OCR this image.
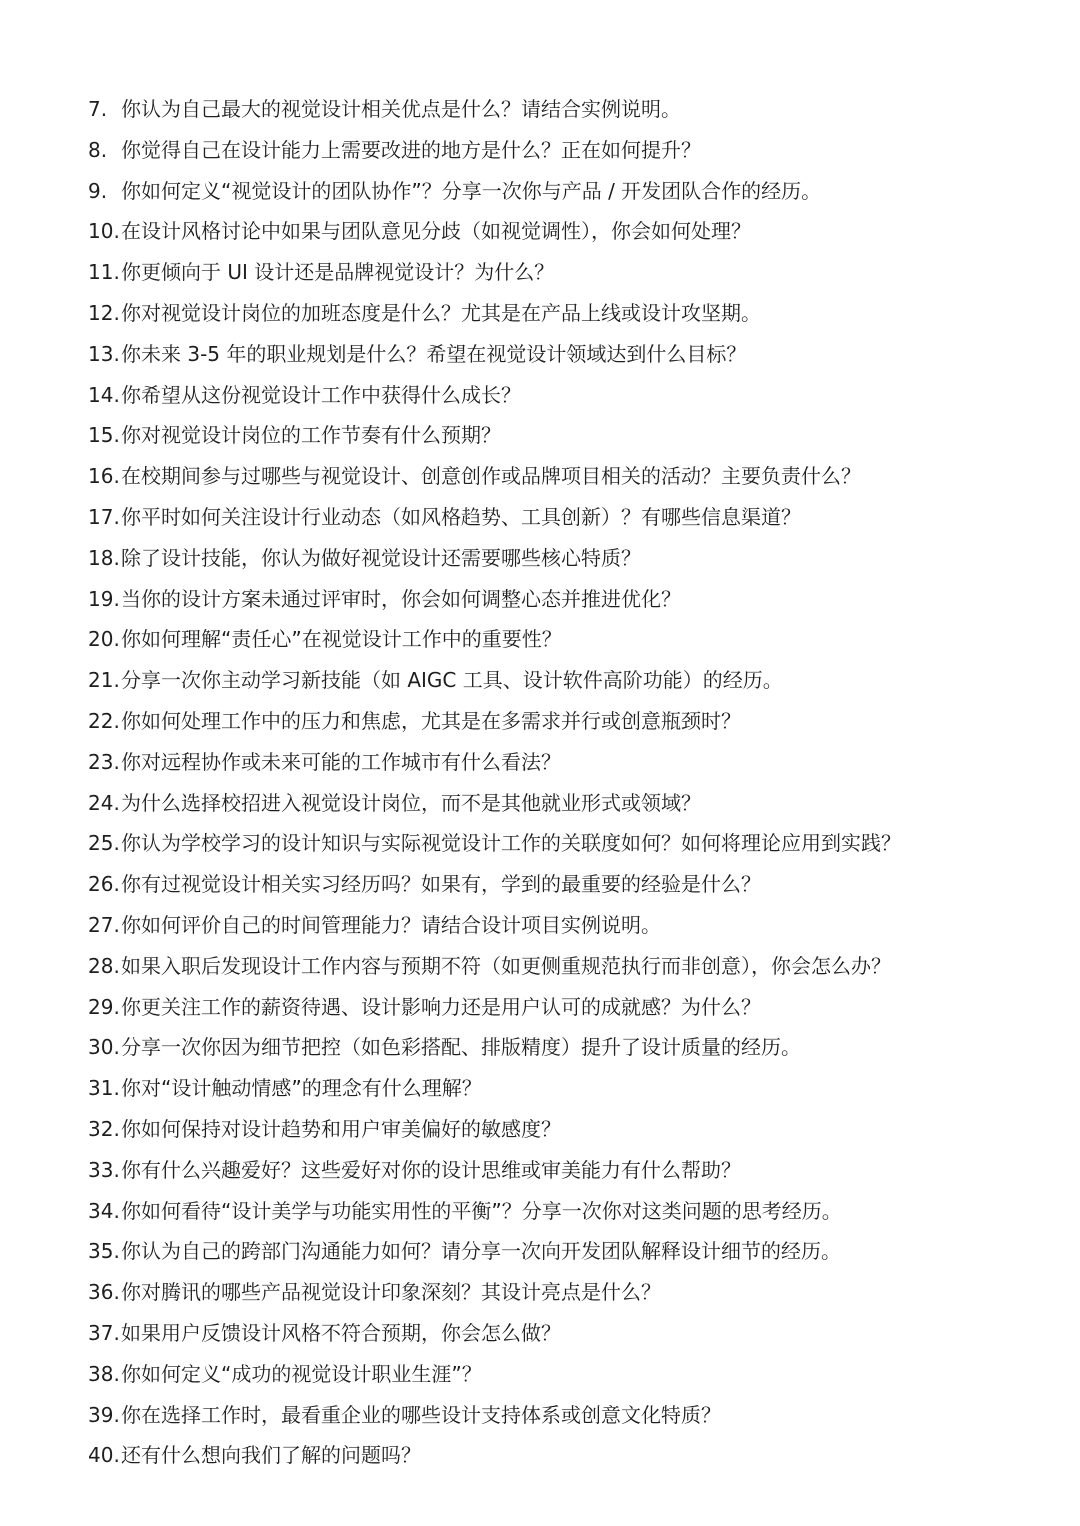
7. 你认为自己最大的视觉设计相关优点是什么？请结合实例说明。
8. 你觉得自己在设计能力上需要改进的地方是什么？正在如何提升？
9. 你如何定义“视觉设计的团队协作”？分享一次你与产品 / 开发团队合作的经历。
10. 在设计风格讨论中如果与团队意见分歧（如视觉调性），你会如何处理？
11. 你更倾向于 UI 设计还是品牌视觉设计？为什么？
12. 你对视觉设计岗位的加班态度是什么？尤其是在产品上线或设计攻坚期。
13. 你未来 3-5 年的职业规划是什么？希望在视觉设计领域达到什么目标？
14. 你希望从这份视觉设计工作中获得什么成长？
15. 你对视觉设计岗位的工作节奏有什么预期？
16. 在校期间参与过哪些与视觉设计、创意创作或品牌项目相关的活动？主要负责什么？
17. 你平时如何关注设计行业动态（如风格趋势、工具创新）？有哪些信息渠道？
18. 除了设计技能，你认为做好视觉设计还需要哪些核心特质？
19. 当你的设计方案未通过评审时，你会如何调整心态并推进优化？
20. 你如何理解“责任心”在视觉设计工作中的重要性？
21. 分享一次你主动学习新技能（如 AIGC 工具、设计软件高阶功能）的经历。
22. 你如何处理工作中的压力和焦虑，尤其是在多需求并行或创意瓶颈时？
23. 你对远程协作或未来可能的工作城市有什么看法？
24. 为什么选择校招进入视觉设计岗位，而不是其他就业形式或领域？
25. 你认为学校学习的设计知识与实际视觉设计工作的关联度如何？如何将理论应用到实践？
26. 你有过视觉设计相关实习经历吗？如果有，学到的最重要的经验是什么？
27. 你如何评价自己的时间管理能力？请结合设计项目实例说明。
28. 如果入职后发现设计工作内容与预期不符（如更侧重规范执行而非创意），你会怎么办？
29. 你更关注工作的薪资待遇、设计影响力还是用户认可的成就感？为什么？
30. 分享一次你因为细节把控（如色彩搭配、排版精度）提升了设计质量的经历。
31. 你对“设计触动情感”的理念有什么理解？
32. 你如何保持对设计趋势和用户审美偏好的敏感度？
33. 你有什么兴趣爱好？这些爱好对你的设计思维或审美能力有什么帮助？
34. 你如何看待“设计美学与功能实用性的平衡”？分享一次你对这类问题的思考经历。
35. 你认为自己的跨部门沟通能力如何？请分享一次向开发团队解释设计细节的经历。
36. 你对腾讯的哪些产品视觉设计印象深刻？其设计亮点是什么？
37. 如果用户反馈设计风格不符合预期，你会怎么做？
38. 你如何定义“成功的视觉设计职业生涯”？
39. 你在选择工作时，最看重企业的哪些设计支持体系或创意文化特质？
40. 还有什么想向我们了解的问题吗？
